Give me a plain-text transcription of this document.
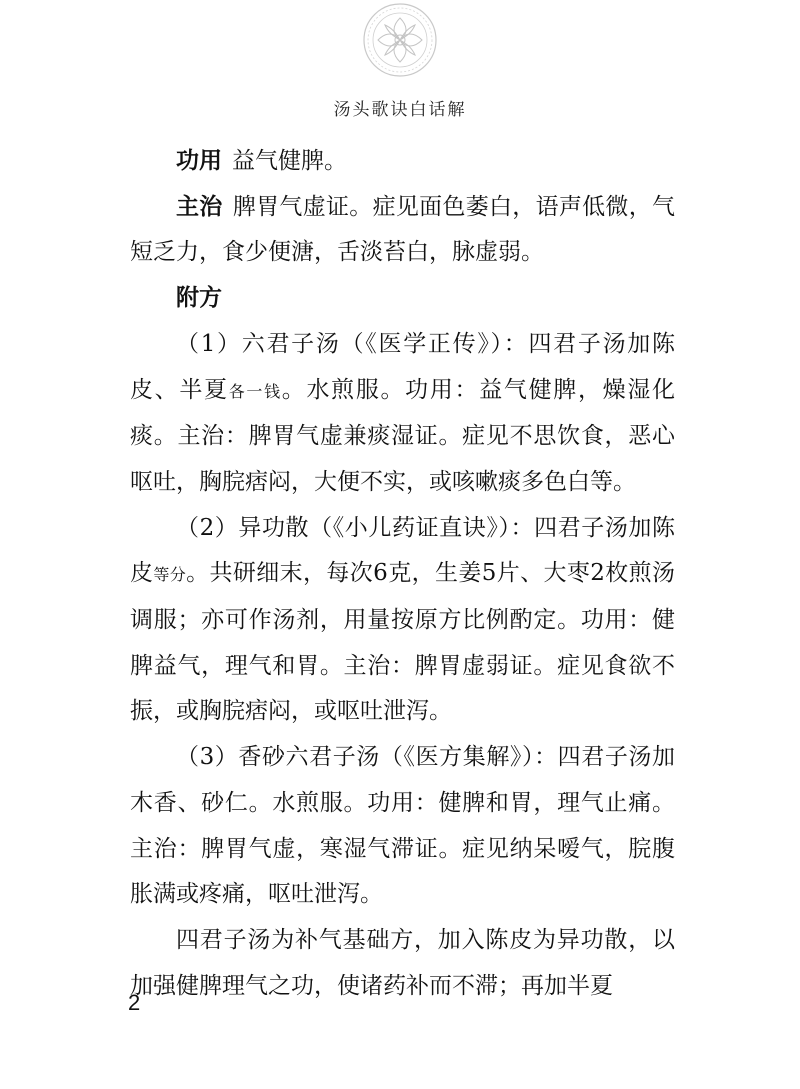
汤头歌诀白话解

功用 益气健脾。

主治 脾胃气虚证。症见面色萎白，语声低微，气短乏力，食少便溏，舌淡苔白，脉虚弱。

附方

（1）六君子汤（《医学正传》）：四君子汤加陈皮、半夏各一钱。水煎服。功用：益气健脾，燥湿化痰。主治：脾胃气虚兼痰湿证。症见不思饮食，恶心呕吐，胸脘痞闷，大便不实，或咳嗽痰多色白等。

（2）异功散（《小儿药证直诀》）：四君子汤加陈皮等分。共研细末，每次6克，生姜5片、大枣2枚煎汤调服；亦可作汤剂，用量按原方比例酌定。功用：健脾益气，理气和胃。主治：脾胃虚弱证。症见食欲不振，或胸脘痞闷，或呕吐泄泻。

（3）香砂六君子汤（《医方集解》）：四君子汤加木香、砂仁。水煎服。功用：健脾和胃，理气止痛。主治：脾胃气虚，寒湿气滞证。症见纳呆嗳气，脘腹胀满或疼痛，呕吐泄泻。

四君子汤为补气基础方，加入陈皮为异功散，以加强健脾理气之功，使诸药补而不滞；再加半夏

2
